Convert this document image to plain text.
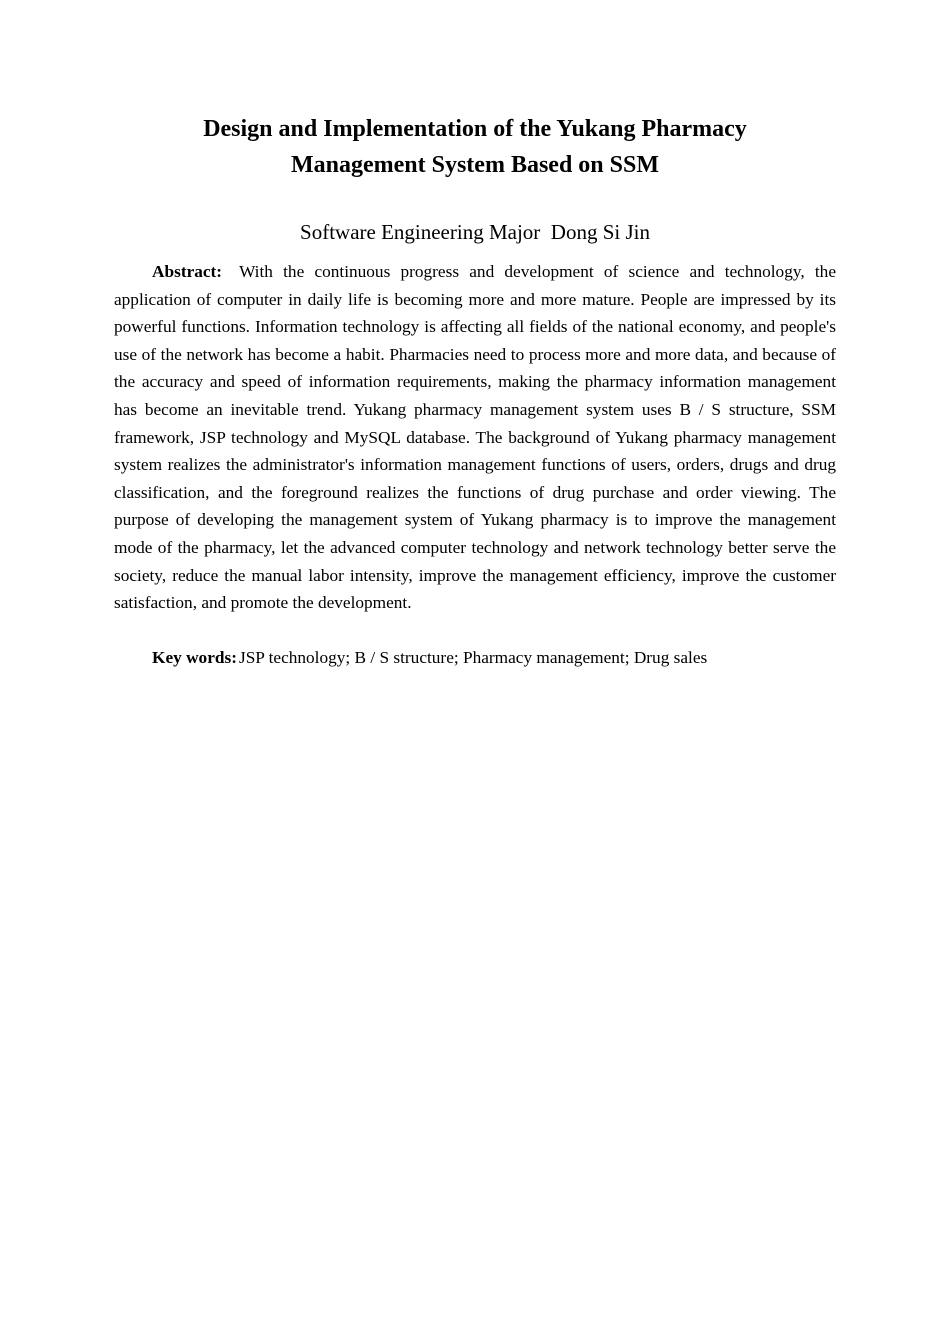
Design and Implementation of the Yukang Pharmacy
Management System Based on SSM
Software Engineering Major  Dong Si Jin

Abstract: With the continuous progress and development of science and technology, the application of computer in daily life is becoming more and more mature. People are impressed by its powerful functions. Information technology is affecting all fields of the national economy, and people's use of the network has become a habit. Pharmacies need to process more and more data, and because of the accuracy and speed of information requirements, making the pharmacy information management has become an inevitable trend. Yukang pharmacy management system uses B / S structure, SSM framework, JSP technology and MySQL database. The background of Yukang pharmacy management system realizes the administrator's information management functions of users, orders, drugs and drug classification, and the foreground realizes the functions of drug purchase and order viewing. The purpose of developing the management system of Yukang pharmacy is to improve the management mode of the pharmacy, let the advanced computer technology and network technology better serve the society, reduce the manual labor intensity, improve the management efficiency, improve the customer satisfaction, and promote the development.

Key words: JSP technology; B / S structure; Pharmacy management; Drug sales
